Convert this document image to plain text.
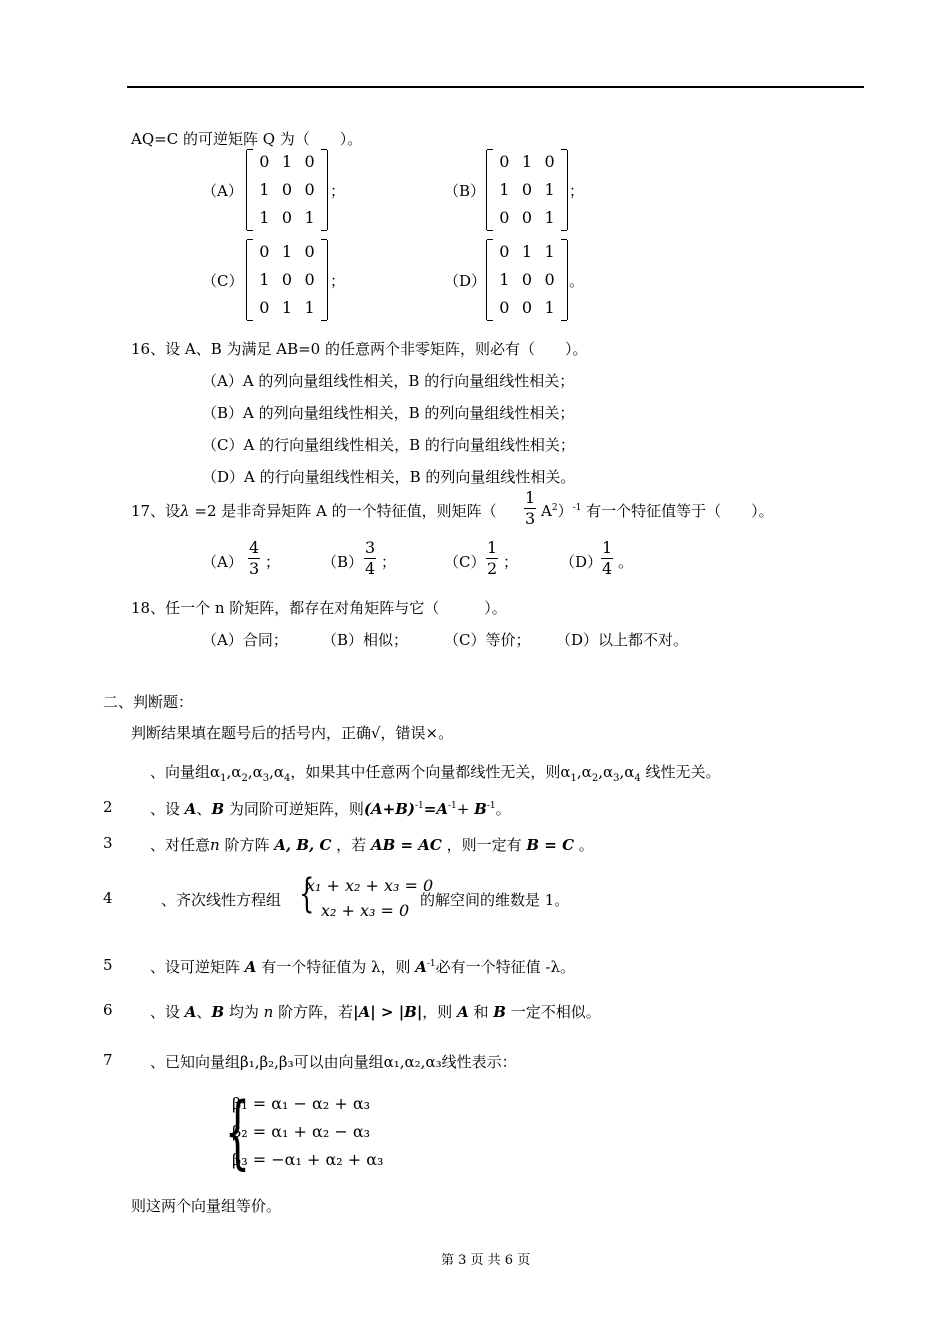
AQ=C 的可逆矩阵 Q 为（　　）。
（A）
0 1 0
1 0 0
1 0 1
；	（B）
0 1 0
1 0 1
0 0 1
；
（C）
0 1 0
1 0 0
0 1 1
；	（D）
0 1 1
1 0 0
0 0 1
。
16、设 A、B 为满足 AB=0 的任意两个非零矩阵，则必有（　　）。
（A）A 的列向量组线性相关，B 的行向量组线性相关；
（B）A 的列向量组线性相关，B 的列向量组线性相关；
（C）A 的行向量组线性相关，B 的行向量组线性相关；
（D）A 的行向量组线性相关，B 的列向量组线性相关。
17、设λ =2 是非奇异矩阵 A 的一个特征值，则矩阵（ $\frac{1}{3} A^2)^{-1}$ 有一个特征值等于（　　）。
$(A) \frac{4}{3}$ ；	$(B) \frac{3}{4}$ ；	$(C) \frac{1}{2}$ ；	（D）
$\frac{1}{4}$ 。
18、任一个 n 阶矩阵，都存在对角矩阵与它（　　　）。
（A）合同； （B）相似； （C）等价； （D）以上都不对。
二、判断题：
判断结果填在题号后的括号内，正确√，错误×。
、向量组$\alpha_1,\alpha_2,\alpha_3,\alpha_4$，如果其中任意两个向量都线性无关，则$\alpha_1,\alpha_2,\alpha_3,\alpha_4$ 线性无关。
2 、设 A、B 为同阶可逆矩阵，则$(A+B)^{-1}=A^{-1}+ B^{-1}$。
3 、对任意n 阶方阵 A, B, C ，若 AB = AC ，则一定有 B = C 。
4	、齐次线性方程组 {
x₁ + x₂ + x₃ = 0
x₂ + x₃ = 0
的解空间的维数是 1。
5 、设可逆矩阵 A 有一个特征值为 λ，则 $A^{-1}$必有一个特征值 -λ。
6 、设 A、B 均为 n 阶方阵，若|A| > |B|，则 A 和 B 一定不相似。
7 、已知向量组β₁,β₂,β₃可以由向量组α₁,α₂,α₃线性表示：
{
β₁ = α₁ − α₂ + α₃
β₂ = α₁ + α₂ − α₃
β₃ = −α₁ + α₂ + α₃
则这两个向量组等价。
第 3 页 共 6 页
